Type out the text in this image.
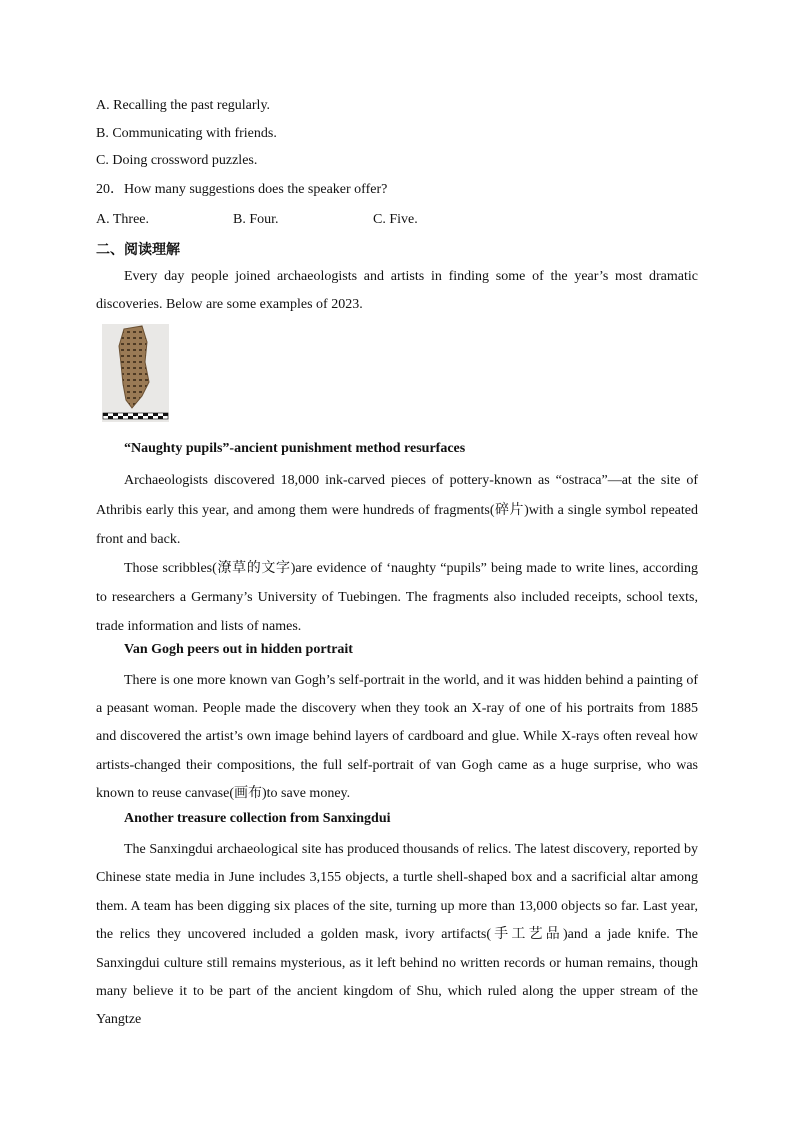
A. Recalling the past regularly.
B. Communicating with friends.
C. Doing crossword puzzles.
20．How many suggestions does the speaker offer?
A. Three.	B. Four.	C. Five.
二、阅读理解

Every day people joined archaeologists and artists in finding some of the year’s most dramatic discoveries. Below are some examples of 2023.

“Naughty pupils”-ancient punishment method resurfaces

Archaeologists discovered 18,000 ink-carved pieces of pottery-known as “ostraca”—at the site of Athribis early this year, and among them were hundreds of fragments(碎片)with a single symbol repeated front and back.

Those scribbles(潦草的文字)are evidence of ‘naughty “pupils” being made to write lines, according to researchers a Germany’s University of Tuebingen. The fragments also included receipts, school texts, trade information and lists of names.

Van Gogh peers out in hidden portrait

There is one more known van Gogh’s self-portrait in the world, and it was hidden behind a painting of a peasant woman. People made the discovery when they took an X-ray of one of his portraits from 1885 and discovered the artist’s own image behind layers of cardboard and glue. While X-rays often reveal how artists-changed their compositions, the full self-portrait of van Gogh came as a huge surprise, who was known to reuse canvase(画布)to save money.

Another treasure collection from Sanxingdui

The Sanxingdui archaeological site has produced thousands of relics. The latest discovery, reported by Chinese state media in June includes 3,155 objects, a turtle shell-shaped box and a sacrificial altar among them. A team has been digging six places of the site, turning up more than 13,000 objects so far. Last year, the relics they uncovered included a golden mask, ivory artifacts(手工艺品)and a jade knife. The Sanxingdui culture still remains mysterious, as it left behind no written records or human remains, though many believe it to be part of the ancient kingdom of Shu, which ruled along the upper stream of the Yangtze
